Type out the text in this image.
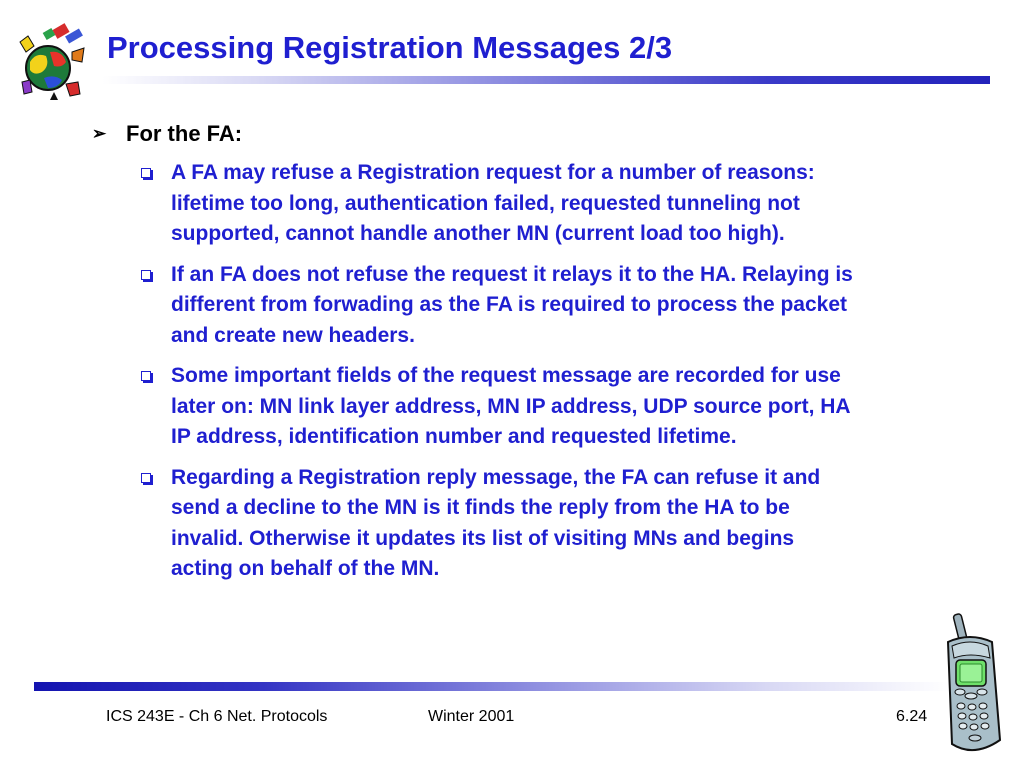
Processing Registration Messages 2/3
➢ For the FA:
A FA may refuse a Registration request for a number of reasons: lifetime too long, authentication failed, requested tunneling not supported, cannot handle another MN (current load too high).
If an FA does not refuse the request it relays it to the HA. Relaying is different from forwading as the FA is required to process the packet and create new headers.
Some important fields of the request message are recorded for use later on: MN link layer address, MN IP address, UDP source port, HA IP address, identification number and requested lifetime.
Regarding a Registration reply message, the FA can refuse it and send a decline to the MN is it finds the reply from the HA to be invalid. Otherwise it updates its list of visiting MNs and begins acting on behalf of the MN.
ICS 243E - Ch 6 Net. Protocols	Winter 2001	6.24
